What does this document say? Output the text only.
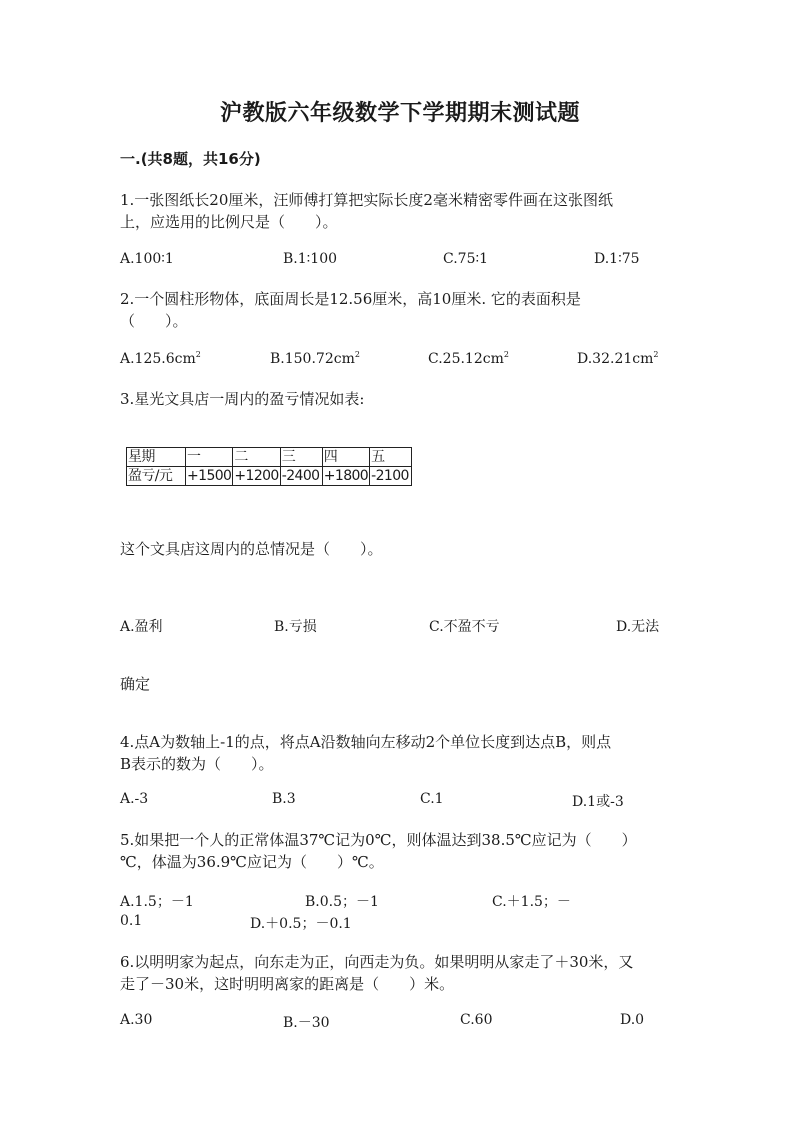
沪教版六年级数学下学期期末测试题
一.(共8题，共16分)
1.一张图纸长20厘米，汪师傅打算把实际长度2毫米精密零件画在这张图纸
上，应选用的比例尺是（　　）。
A.100∶1	B.1∶100	C.75∶1	D.1∶75
2.一个圆柱形物体，底面周长是12.56厘米，高10厘米. 它的表面积是
（　　）。
$A.125.6cm^2$	$B.150.72cm^2$	$C.25.12cm^2$	$D.32.21cm^2$
3.星光文具店一周内的盈亏情况如表:
星期	一	二	三	四	五
盈亏/元	+1500	+1200	-2400	+1800	-2100
这个文具店这周内的总情况是（　　）。
A.盈利	B.亏损	C.不盈不亏	D.无法
确定
4.点A为数轴上-1的点，将点A沿数轴向左移动2个单位长度到达点B，则点
B表示的数为（　　）。
A.-3	B.3	C.1	D.1或-3
5.如果把一个人的正常体温37℃记为0℃，则体温达到38.5℃应记为（　　）
℃，体温为36.9℃应记为（　　）℃。
A.1.5；－1	B.0.5；－1	C.＋1.5；－
0.1	D.＋0.5；－0.1
6.以明明家为起点，向东走为正，向西走为负。如果明明从家走了＋30米，又
走了－30米，这时明明离家的距离是（　　）米。
A.30	B.－30	C.60	D.0
